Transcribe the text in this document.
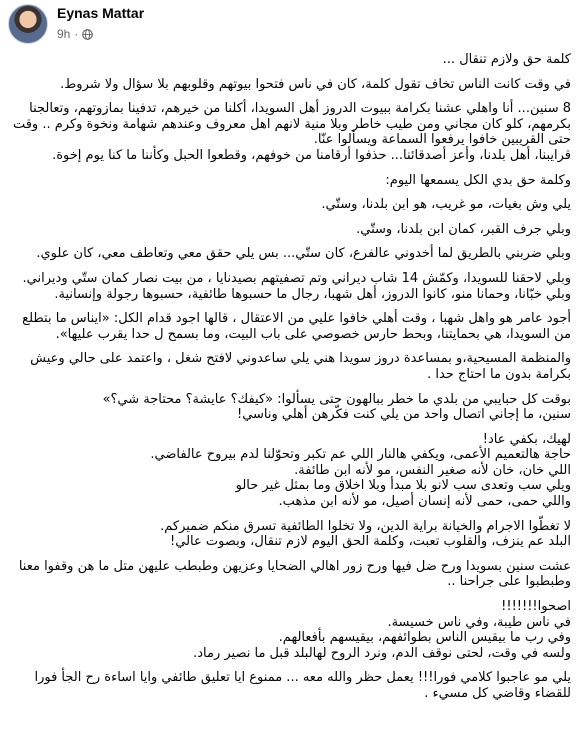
Eynas Mattar
9h ·

كلمة حق ولازم تنقال ...

في وقت كانت الناس تخاف تقول كلمة، كان في ناس فتحوا بيوتهم وقلوبهم بلا سؤال ولا شروط.

8 سنين... أنا واهلي عشنا بكرامة ببيوت الدروز أهل السويدا، أكلنا من خيرهم، تدفينا بمازوتهم، وتعالجنا بكرمهم، كلو كان مجاني ومن طيب خاطر وبلا منية لانهم اهل معروف وعندهم شهامة ونخوة وكرم .. وقت حتى القريبين خافوا يرفعوا السماعة ويسألوا عنّا.

قرايبنا، أهل بلدنا، وأعز أصدقائنا... حذفوا أرقامنا من خوفهم، وقطعوا الحبل وكأننا ما كنا يوم إخوة.

وكلمة حق بدي الكل يسمعها اليوم:

يلي وش بغيات، مو غريب، هو ابن بلدنا، وستّي.

وبلي جرف القبر، كمان ابن بلدنا، وستّي.

وبلي ضربني بالطريق لما أخدوني عالفرع، كان ستّي... بس يلي حقق معي وتعاطف معي، كان علوي.

وبلي لاحقنا للسويدا، وكمّش 14 شاب ديراني وتم تصفيتهم بصيدنايا ، من بيت نصار كمان ستّي وديراني.

وبلي خبّانا، وحمانا منو، كانوا الدروز، أهل شهبا، رجال ما حسبوها طائفية، حسبوها رجولة وإنسانية.

أجود عامر هو واهل شهبا ، وقت أهلي خافوا عليي من الاعتقال ، قالها اجود قدام الكل: «ايناس ما بتطلع من السويدا، هي بحمايتنا، وبحط حارس خصوصي على باب البيت، وما بسمح ل حدا يقرب عليها».

والمنظمة المسيحية،و بمساعدة دروز سويدا هني يلي ساعدوني لافتح شغل ، واعتمد على حالي وعيش بكرامة بدون ما احتاج حدا .

بوقت كل حبايبي من بلدي ما خطر ببالهون حتى يسألوا: «كيفك؟ عايشة؟ محتاجة شي؟»

سنين، ما إجاني اتصال واحد من يلي كنت فكّرهن أهلي وناسي!

لهيك، بكفي عاد!

حاجة هالتعميم الأعمى، ويكفي هالنار اللي عم تكبر وتحوّلنا لدم بيروح عالفاضي.

اللي خان، خان لأنه صغير النفس، مو لأنه ابن طائفة.

ويلي سب وتعدى سب لانو بلا مبدأ وبلا اخلاق وما بمثل غير حالو

واللي حمى، حمى لأنه إنسان أصيل، مو لأنه ابن مذهب.

لا تغطّوا الاجرام والخيانة براية الدين، ولا تخلوا الطائفية تسرق منكم ضميركم.

البلد عم ينزف، والقلوب تعبت، وكلمة الحق اليوم لازم تنقال، وبصوت عالي!

عشت سنين بسويدا ورح ضل فيها ورح زور اهالي الضحايا وعزيهن وطبطب عليهن متل ما هن وقفوا معنا وطبطبوا على جراحنا ..

اصحوا!!!!!!!

في ناس طيبة، وفي ناس خسيسة.

وفي رب ما بيقيس الناس بطوائفهم، بيقيسهم بأفعالهم.

ولسه في وقت، لحتى نوقف الدم، ونرد الروح لهالبلد قبل ما نصير رماد.

يلي مو عاجبوا كلامي فورا!!! يعمل حظر والله معه ... ممنوع ايا تعليق طائفي وايا اساءة رح الجأ فورا للقضاء وقاضي كل مسيء .
